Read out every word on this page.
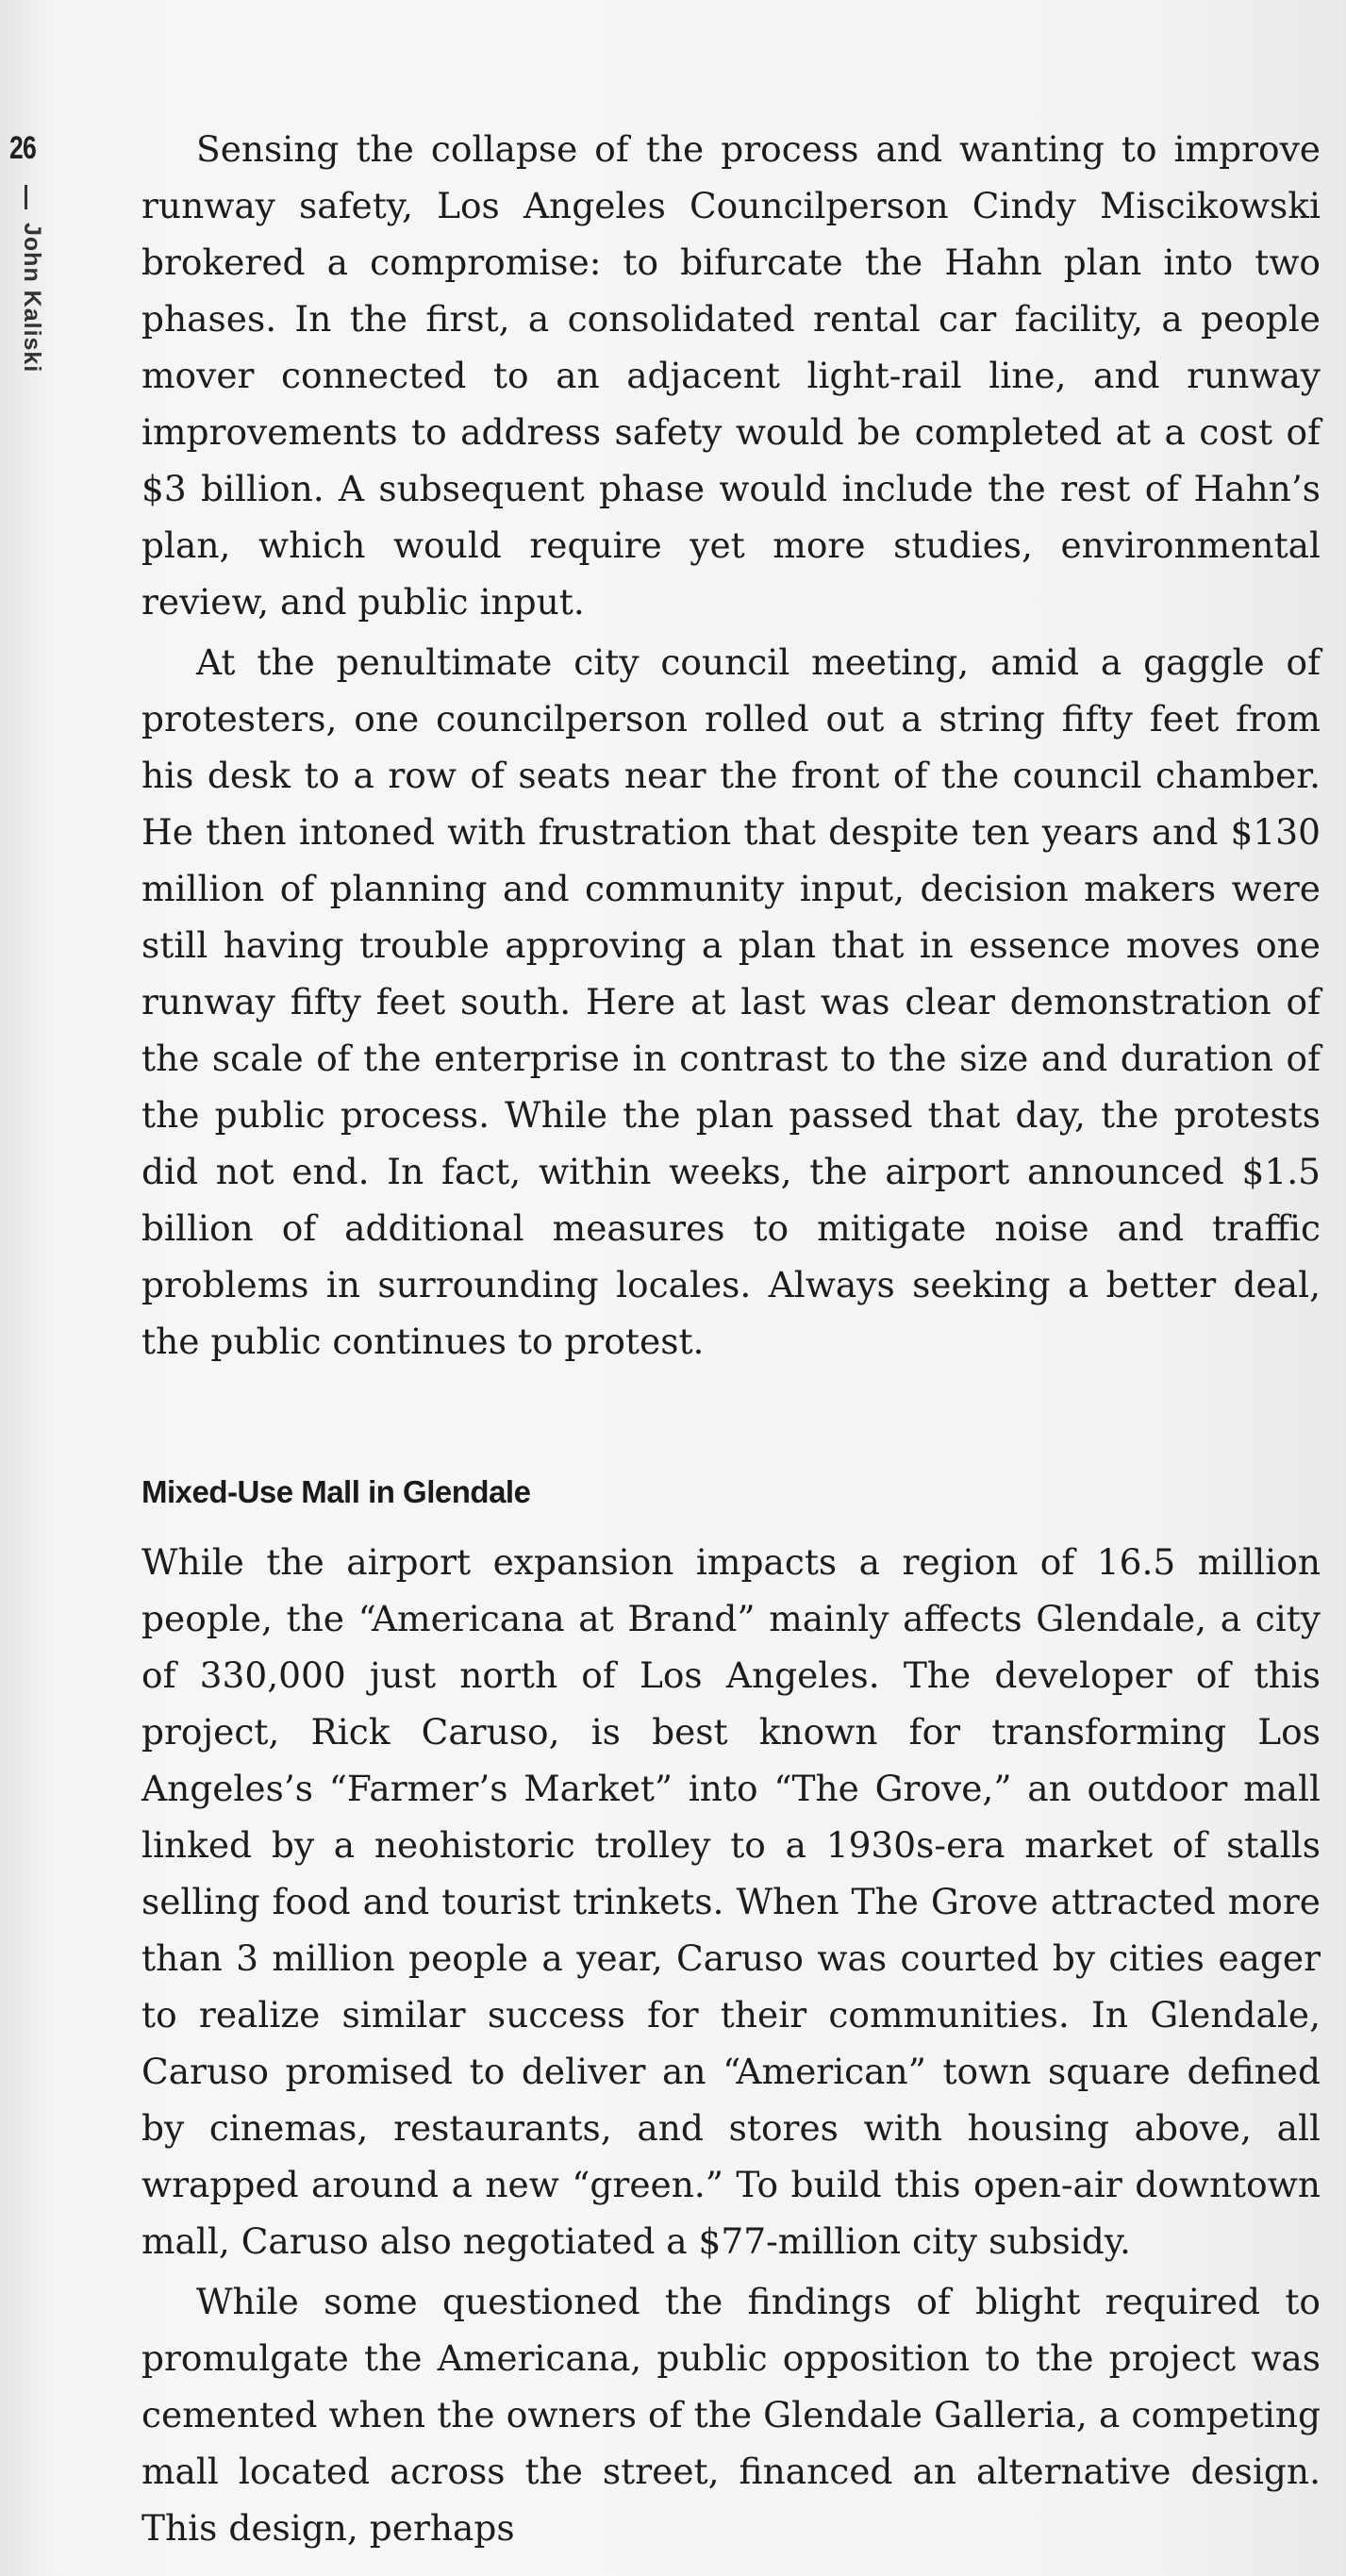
26
John Kaliski

Sensing the collapse of the process and wanting to improve runway safety, Los Angeles Councilperson Cindy Miscikowski brokered a compromise: to bifurcate the Hahn plan into two phases. In the first, a consolidated rental car facility, a people mover connected to an adjacent light-rail line, and runway improvements to address safety would be completed at a cost of $3 billion. A subsequent phase would include the rest of Hahn’s plan, which would require yet more studies, environmental review, and public input.

At the penultimate city council meeting, amid a gaggle of protesters, one councilperson rolled out a string fifty feet from his desk to a row of seats near the front of the council chamber. He then intoned with frustration that despite ten years and $130 million of planning and community input, decision makers were still having trouble approving a plan that in essence moves one runway fifty feet south. Here at last was clear demonstration of the scale of the enterprise in contrast to the size and duration of the public process. While the plan passed that day, the protests did not end. In fact, within weeks, the airport announced $1.5 billion of additional measures to mitigate noise and traffic problems in surrounding locales. Always seeking a better deal, the public continues to protest.

Mixed-Use Mall in Glendale

While the airport expansion impacts a region of 16.5 million people, the “Americana at Brand” mainly affects Glendale, a city of 330,000 just north of Los Angeles. The developer of this project, Rick Caruso, is best known for transforming Los Angeles’s “Farmer’s Market” into “The Grove,” an outdoor mall linked by a neohistoric trolley to a 1930s-era market of stalls selling food and tourist trinkets. When The Grove attracted more than 3 million people a year, Caruso was courted by cities eager to realize similar success for their communities. In Glendale, Caruso promised to deliver an “American” town square defined by cinemas, restaurants, and stores with housing above, all wrapped around a new “green.” To build this open-air downtown mall, Caruso also negotiated a $77-million city subsidy.

While some questioned the findings of blight required to promulgate the Americana, public opposition to the project was cemented when the owners of the Glendale Galleria, a competing mall located across the street, financed an alternative design. This design, perhaps
